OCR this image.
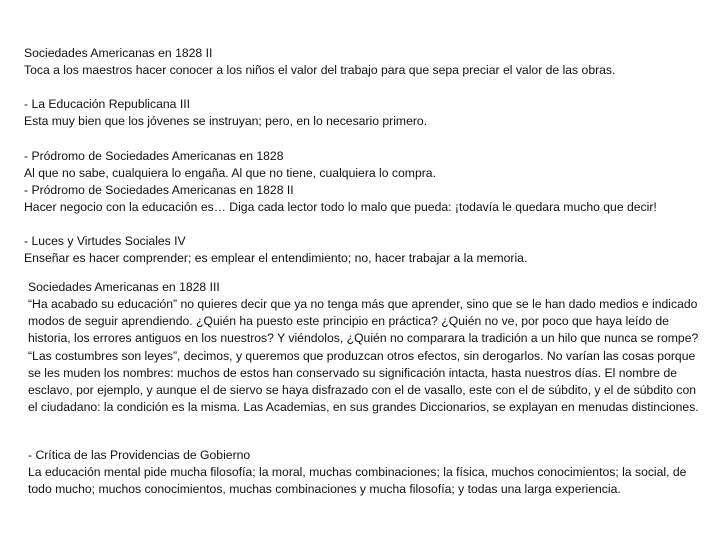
Sociedades Americanas en 1828 II
Toca a los maestros hacer conocer a los niños el valor del trabajo para que sepa preciar el valor de las obras.
- La Educación Republicana III
Esta muy bien que los jóvenes se instruyan; pero, en lo necesario primero.
- Pródromo de Sociedades Americanas en 1828
Al que no sabe, cualquiera lo engaña. Al que no tiene, cualquiera lo compra.
- Pródromo de Sociedades Americanas en 1828 II
Hacer negocio con la educación es… Diga cada lector todo lo malo que pueda: ¡todavía le quedara mucho que decir!
- Luces y Virtudes Sociales IV
Enseñar es hacer comprender; es emplear el entendimiento; no, hacer trabajar a la memoria.
Sociedades Americanas en 1828 III
“Ha acabado su educación” no quieres decir que ya no tenga más que aprender, sino que se le han dado medios e indicado modos de seguir aprendiendo. ¿Quién ha puesto este principio en práctica? ¿Quién no ve, por poco que haya leído de historia, los errores antiguos en los nuestros? Y viéndolos, ¿Quién no comparara la tradición a un hilo que nunca se rompe? “Las costumbres son leyes”, decimos, y queremos que produzcan otros efectos, sin derogarlos. No varían las cosas porque se les muden los nombres: muchos de estos han conservado su significación intacta, hasta nuestros días. El nombre de esclavo, por ejemplo, y aunque el de siervo se haya disfrazado con el de vasallo, este con el de súbdito, y el de súbdito con el ciudadano: la condición es la misma. Las Academias, en sus grandes Diccionarios, se explayan en menudas distinciones.
- Crítica de las Providencias de Gobierno
La educación mental pide mucha filosofía; la moral, muchas combinaciones; la física, muchos conocimientos; la social, de todo mucho; muchos conocimientos, muchas combinaciones y mucha filosofía; y todas una larga experiencia.
